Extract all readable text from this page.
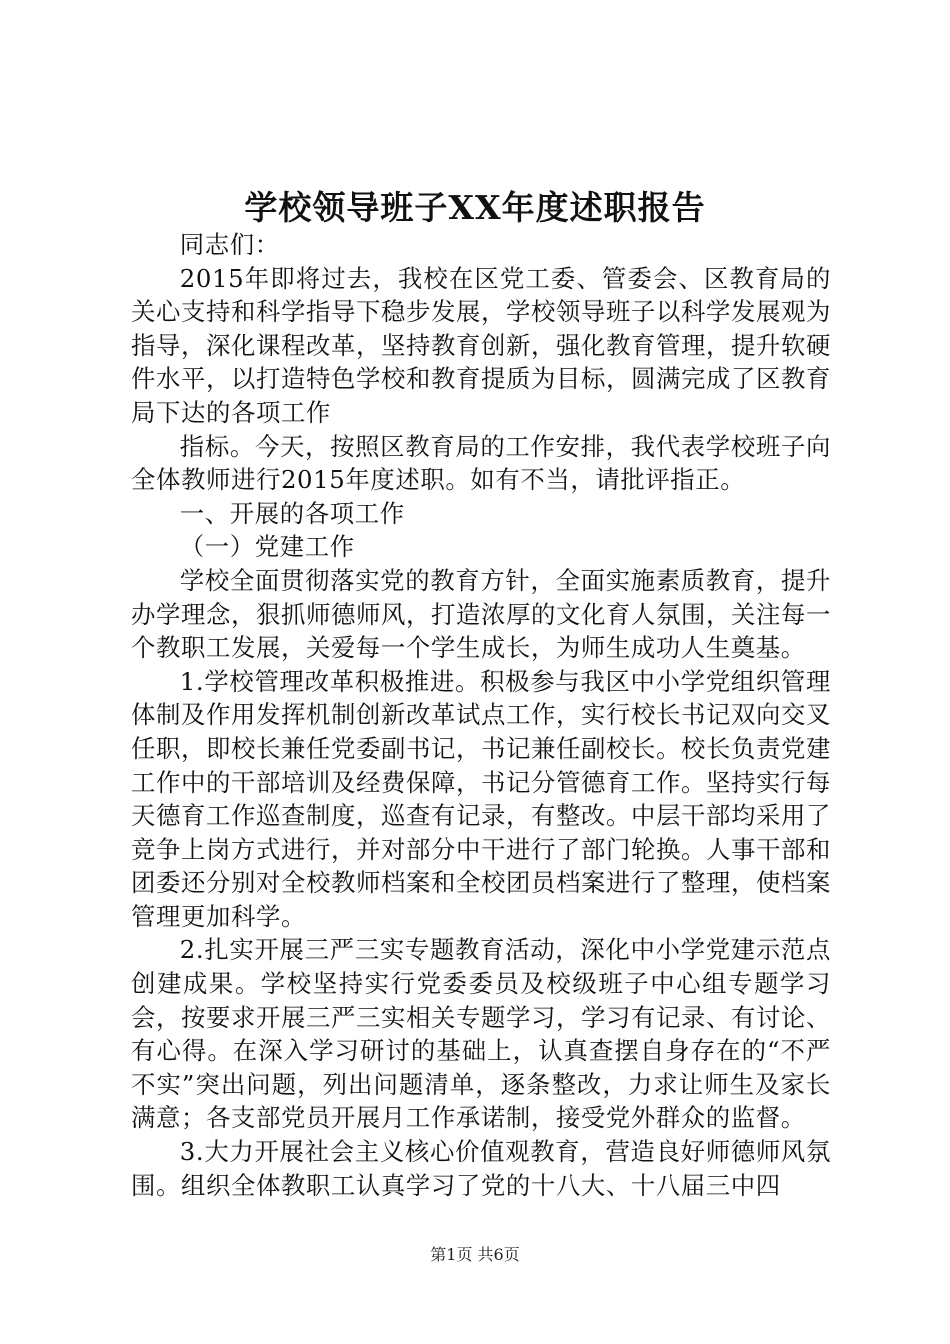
学校领导班子XX年度述职报告

同志们：

2015年即将过去，我校在区党工委、管委会、区教育局的关心支持和科学指导下稳步发展，学校领导班子以科学发展观为指导，深化课程改革，坚持教育创新，强化教育管理，提升软硬件水平，以打造特色学校和教育提质为目标，圆满完成了区教育局下达的各项工作

指标。今天，按照区教育局的工作安排，我代表学校班子向全体教师进行2015年度述职。如有不当，请批评指正。

一、开展的各项工作

（一）党建工作

学校全面贯彻落实党的教育方针，全面实施素质教育，提升办学理念，狠抓师德师风，打造浓厚的文化育人氛围，关注每一个教职工发展，关爱每一个学生成长，为师生成功人生奠基。

1.学校管理改革积极推进。积极参与我区中小学党组织管理体制及作用发挥机制创新改革试点工作，实行校长书记双向交叉任职，即校长兼任党委副书记，书记兼任副校长。校长负责党建工作中的干部培训及经费保障，书记分管德育工作。坚持实行每天德育工作巡查制度，巡查有记录，有整改。中层干部均采用了竞争上岗方式进行，并对部分中干进行了部门轮换。人事干部和团委还分别对全校教师档案和全校团员档案进行了整理，使档案管理更加科学。

2.扎实开展三严三实专题教育活动，深化中小学党建示范点创建成果。学校坚持实行党委委员及校级班子中心组专题学习会，按要求开展三严三实相关专题学习，学习有记录、有讨论、有心得。在深入学习研讨的基础上，认真查摆自身存在的“不严不实”突出问题，列出问题清单，逐条整改，力求让师生及家长满意；各支部党员开展月工作承诺制，接受党外群众的监督。

3.大力开展社会主义核心价值观教育，营造良好师德师风氛围。组织全体教职工认真学习了党的十八大、十八届三中四

第1页 共6页
